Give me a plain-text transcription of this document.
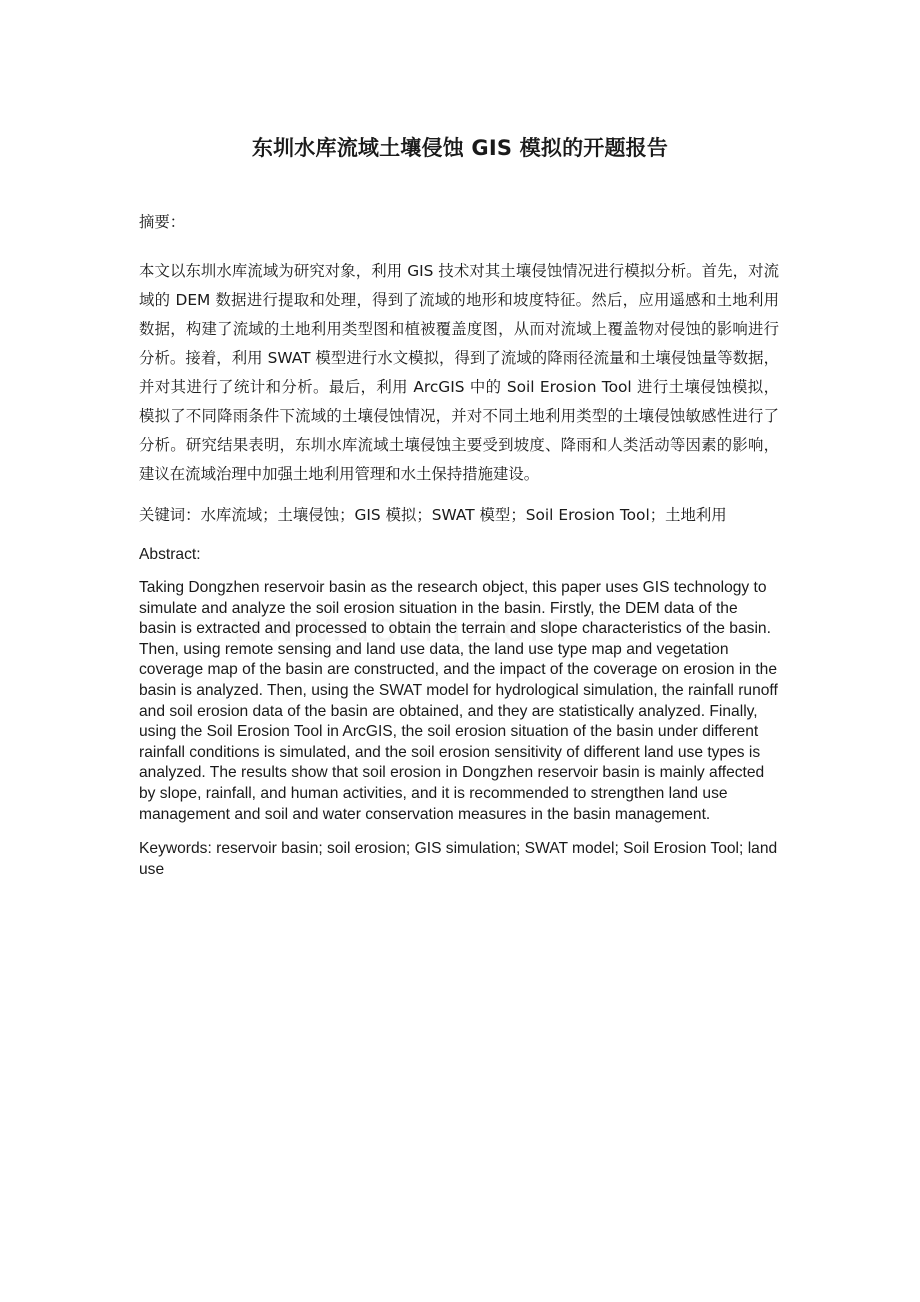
东圳水库流域土壤侵蚀 GIS 模拟的开题报告

摘要：

本文以东圳水库流域为研究对象，利用 GIS 技术对其土壤侵蚀情况进行模拟分析。首先，对流域的 DEM 数据进行提取和处理，得到了流域的地形和坡度特征。然后，应用遥感和土地利用数据，构建了流域的土地利用类型图和植被覆盖度图，从而对流域上覆盖物对侵蚀的影响进行分析。接着，利用 SWAT 模型进行水文模拟，得到了流域的降雨径流量和土壤侵蚀量等数据，并对其进行了统计和分析。最后，利用 ArcGIS 中的 Soil Erosion Tool 进行土壤侵蚀模拟，模拟了不同降雨条件下流域的土壤侵蚀情况，并对不同土地利用类型的土壤侵蚀敏感性进行了分析。研究结果表明，东圳水库流域土壤侵蚀主要受到坡度、降雨和人类活动等因素的影响，建议在流域治理中加强土地利用管理和水土保持措施建设。

关键词：水库流域；土壤侵蚀；GIS 模拟；SWAT 模型；Soil Erosion Tool；土地利用

Abstract:

Taking Dongzhen reservoir basin as the research object, this paper uses GIS technology to simulate and analyze the soil erosion situation in the basin. Firstly, the DEM data of the basin is extracted and processed to obtain the terrain and slope characteristics of the basin. Then, using remote sensing and land use data, the land use type map and vegetation coverage map of the basin are constructed, and the impact of the coverage on erosion in the basin is analyzed. Then, using the SWAT model for hydrological simulation, the rainfall runoff and soil erosion data of the basin are obtained, and they are statistically analyzed. Finally, using the Soil Erosion Tool in ArcGIS, the soil erosion situation of the basin under different rainfall conditions is simulated, and the soil erosion sensitivity of different land use types is analyzed. The results show that soil erosion in Dongzhen reservoir basin is mainly affected by slope, rainfall, and human activities, and it is recommended to strengthen land use management and soil and water conservation measures in the basin management.

Keywords: reservoir basin; soil erosion; GIS simulation; SWAT model; Soil Erosion Tool; land use
